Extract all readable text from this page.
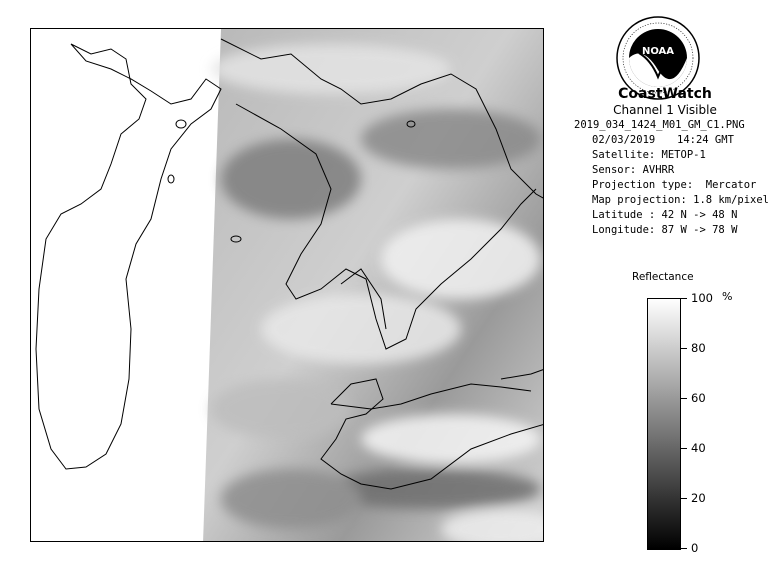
NOAA
CoastWatch
Channel 1 Visible
2019_034_1424_M01_GM_C1.PNG
02/03/2019 14:24 GMT
Satellite: METOP-1
Sensor: AVHRR
Projection type:  Mercator
Map projection: 1.8 km/pixel
Latitude : 42 N -> 48 N
Longitude: 87 W -> 78 W
Reflectance
%
100
80
60
40
20
0
